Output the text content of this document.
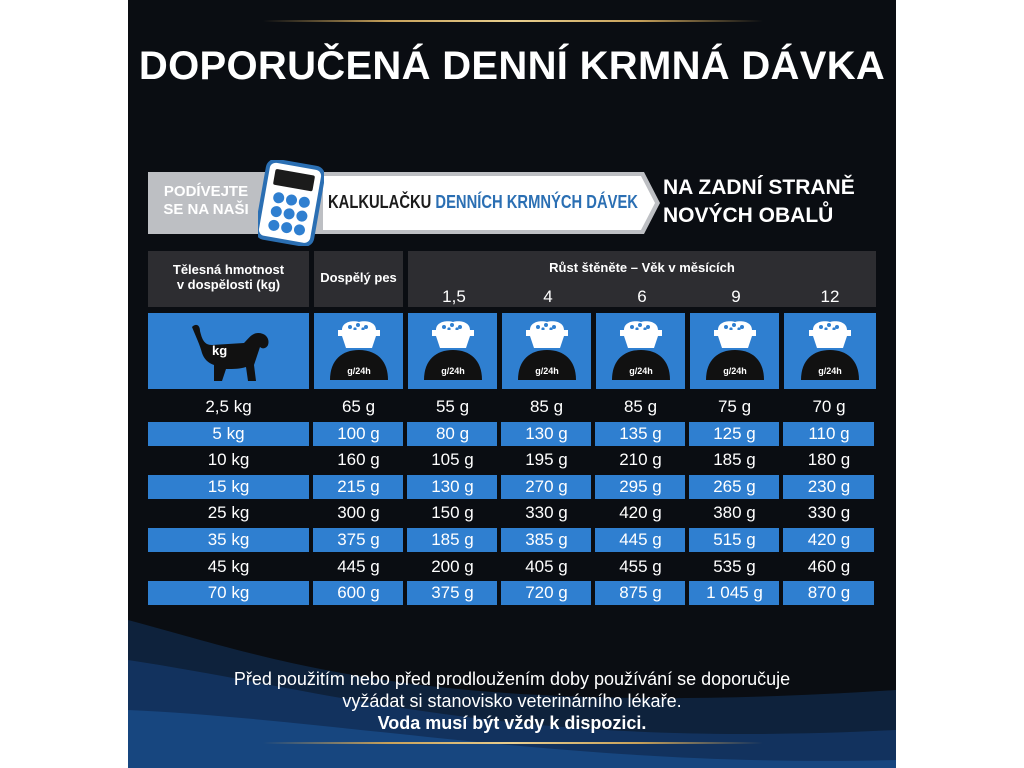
DOPORUČENÁ DENNÍ KRMNÁ DÁVKA
PODÍVEJTE
SE NA NAŠI	KALKULAČKU DENNÍCH KRMNÝCH DÁVEK
NA ZADNÍ STRANĚ
NOVÝCH OBALŮ
Tělesná hmotnost
v dospělosti (kg)	Dospělý pes
Růst štěněte – Věk v měsících
1,5	4	6	9	12
kg
g/24h	g/24h	g/24h	g/24h	g/24h	g/24h
2,5 kg	65 g	55 g	85 g	85 g	75 g	70 g
5 kg	100 g	80 g	130 g	135 g	125 g	110 g
10 kg	160 g	105 g	195 g	210 g	185 g	180 g
15 kg	215 g	130 g	270 g	295 g	265 g	230 g
25 kg	300 g	150 g	330 g	420 g	380 g	330 g
35 kg	375 g	185 g	385 g	445 g	515 g	420 g
45 kg	445 g	200 g	405 g	455 g	535 g	460 g
70 kg	600 g	375 g	720 g	875 g	1 045 g	870 g
Před použitím nebo před prodloužením doby používání se doporučuje
vyžádat si stanovisko veterinárního lékaře.
Voda musí být vždy k dispozici.
